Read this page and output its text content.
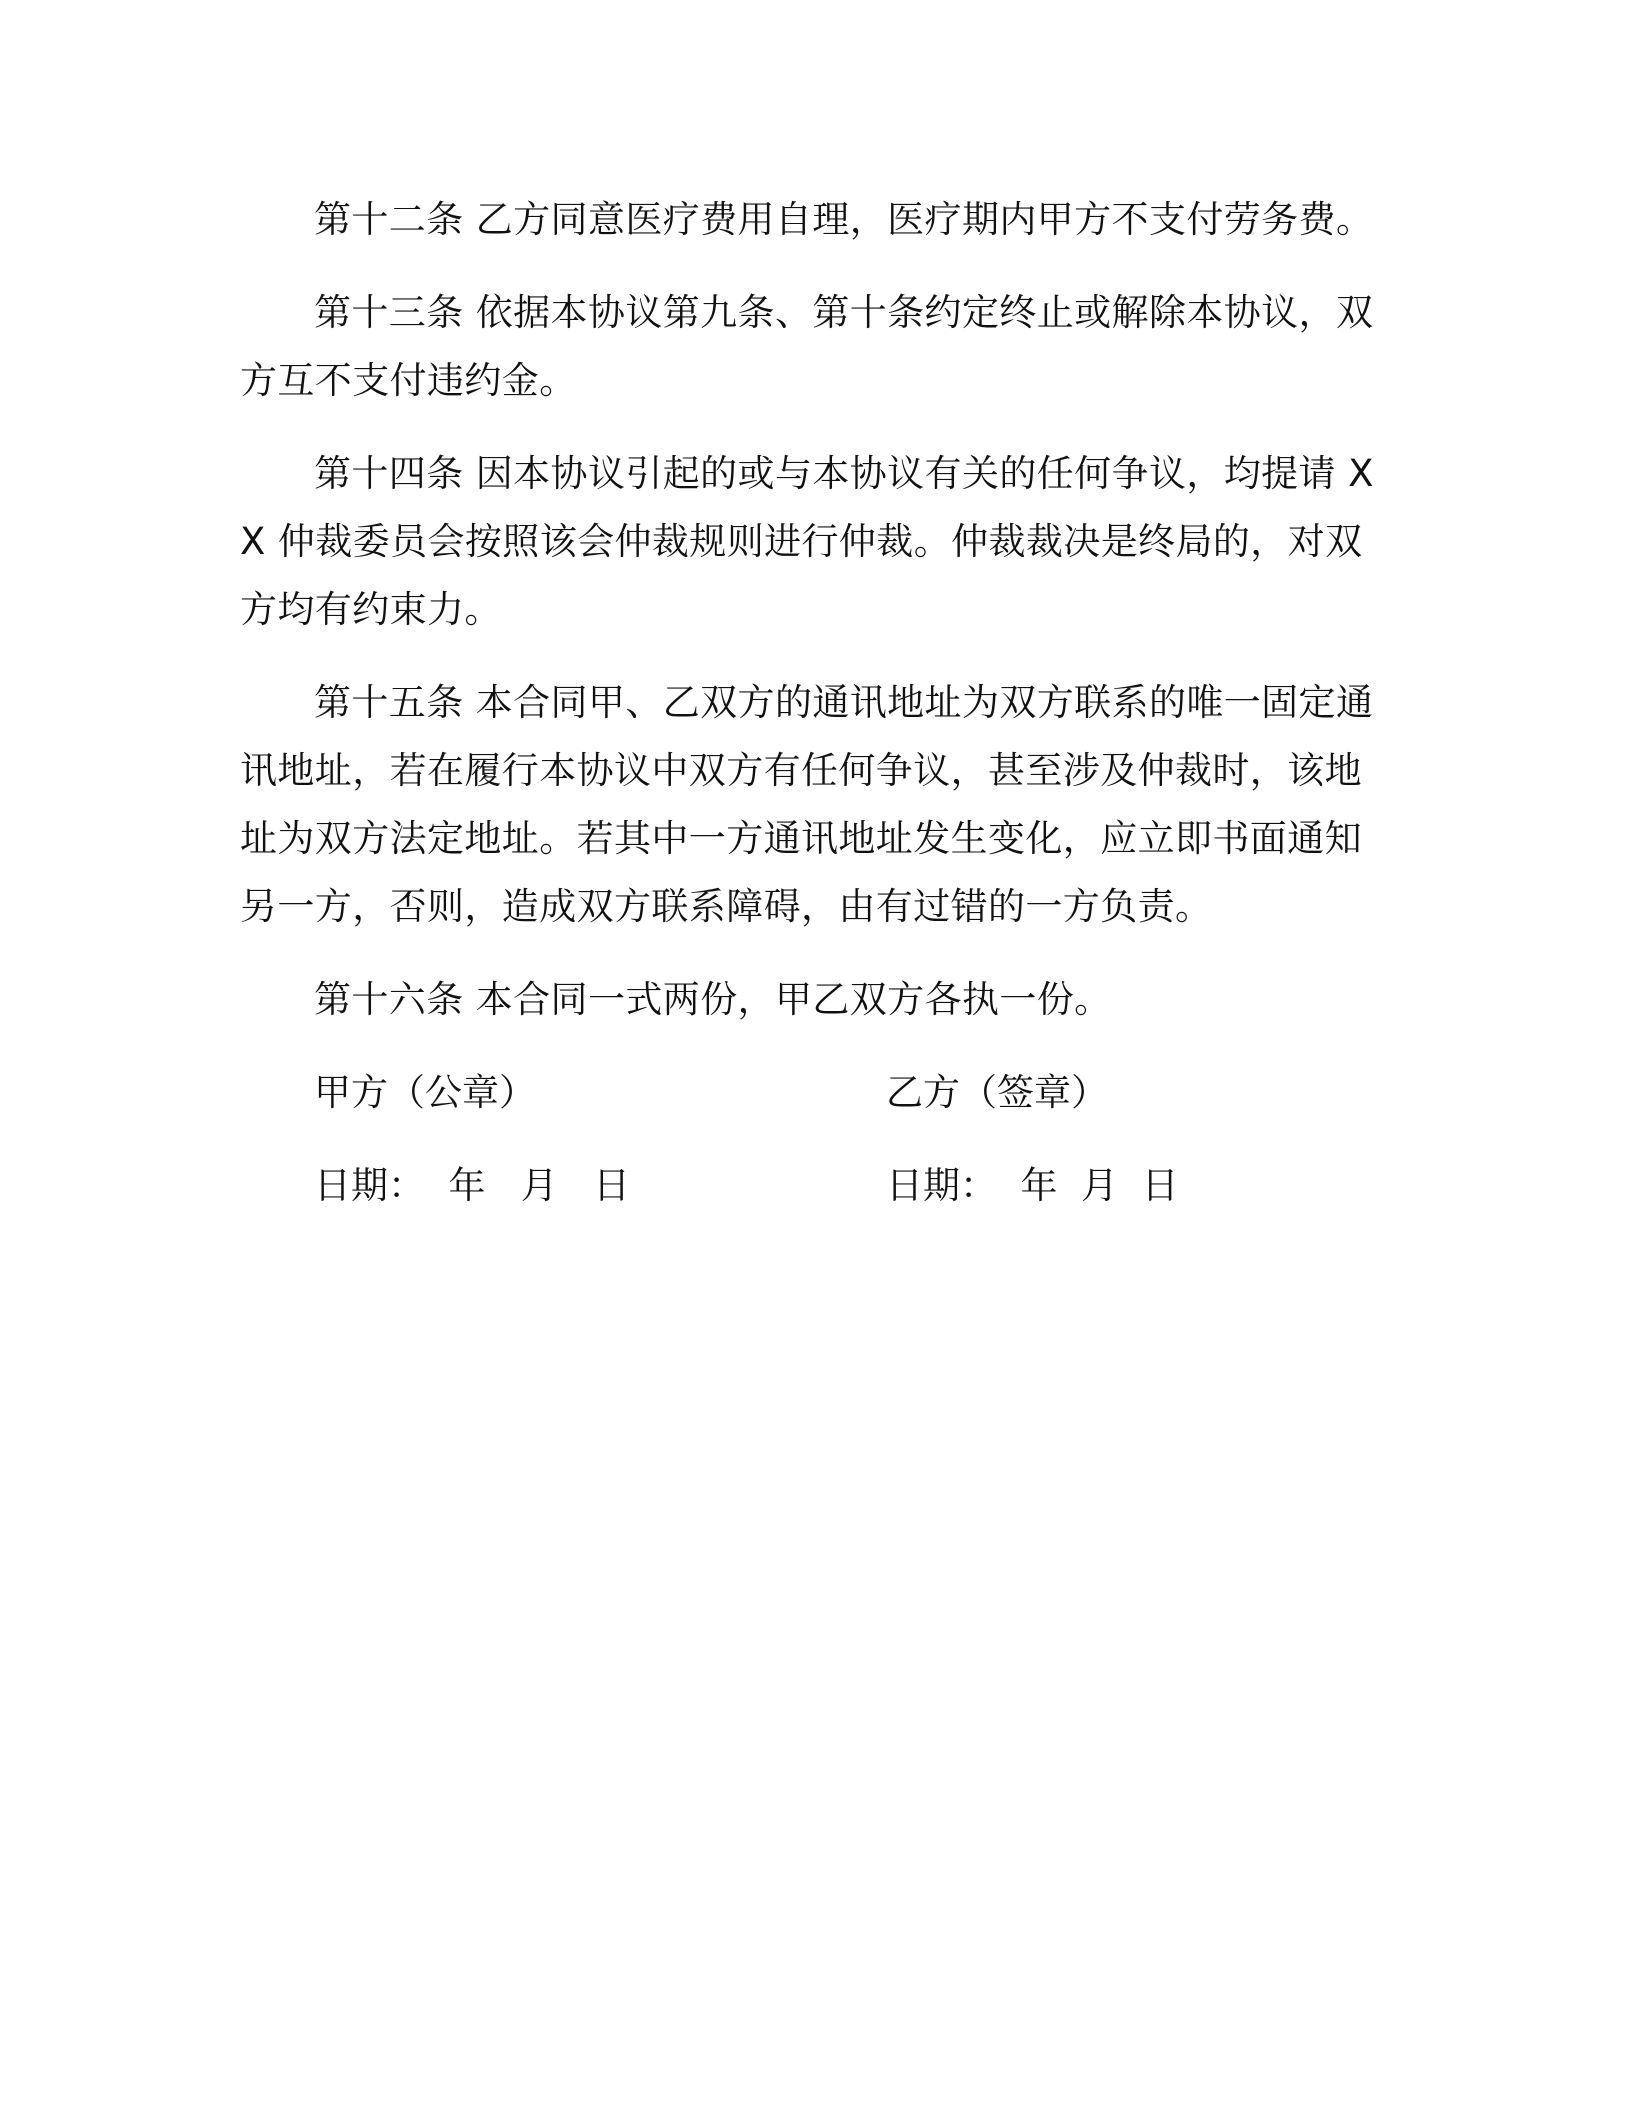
第十二条 乙方同意医疗费用自理，医疗期内甲方不支付劳务费。

第十三条 依据本协议第九条、第十条约定终止或解除本协议，双方互不支付违约金。

第十四条 因本协议引起的或与本协议有关的任何争议，均提请 XX 仲裁委员会按照该会仲裁规则进行仲裁。仲裁裁决是终局的，对双方均有约束力。

第十五条 本合同甲、乙双方的通讯地址为双方联系的唯一固定通讯地址，若在履行本协议中双方有任何争议，甚至涉及仲裁时，该地址为双方法定地址。若其中一方通讯地址发生变化，应立即书面通知另一方，否则，造成双方联系障碍，由有过错的一方负责。

第十六条 本合同一式两份，甲乙双方各执一份。

甲方（公章）	乙方（签章）
日期：  年   月   日	日期：  年  月  日
